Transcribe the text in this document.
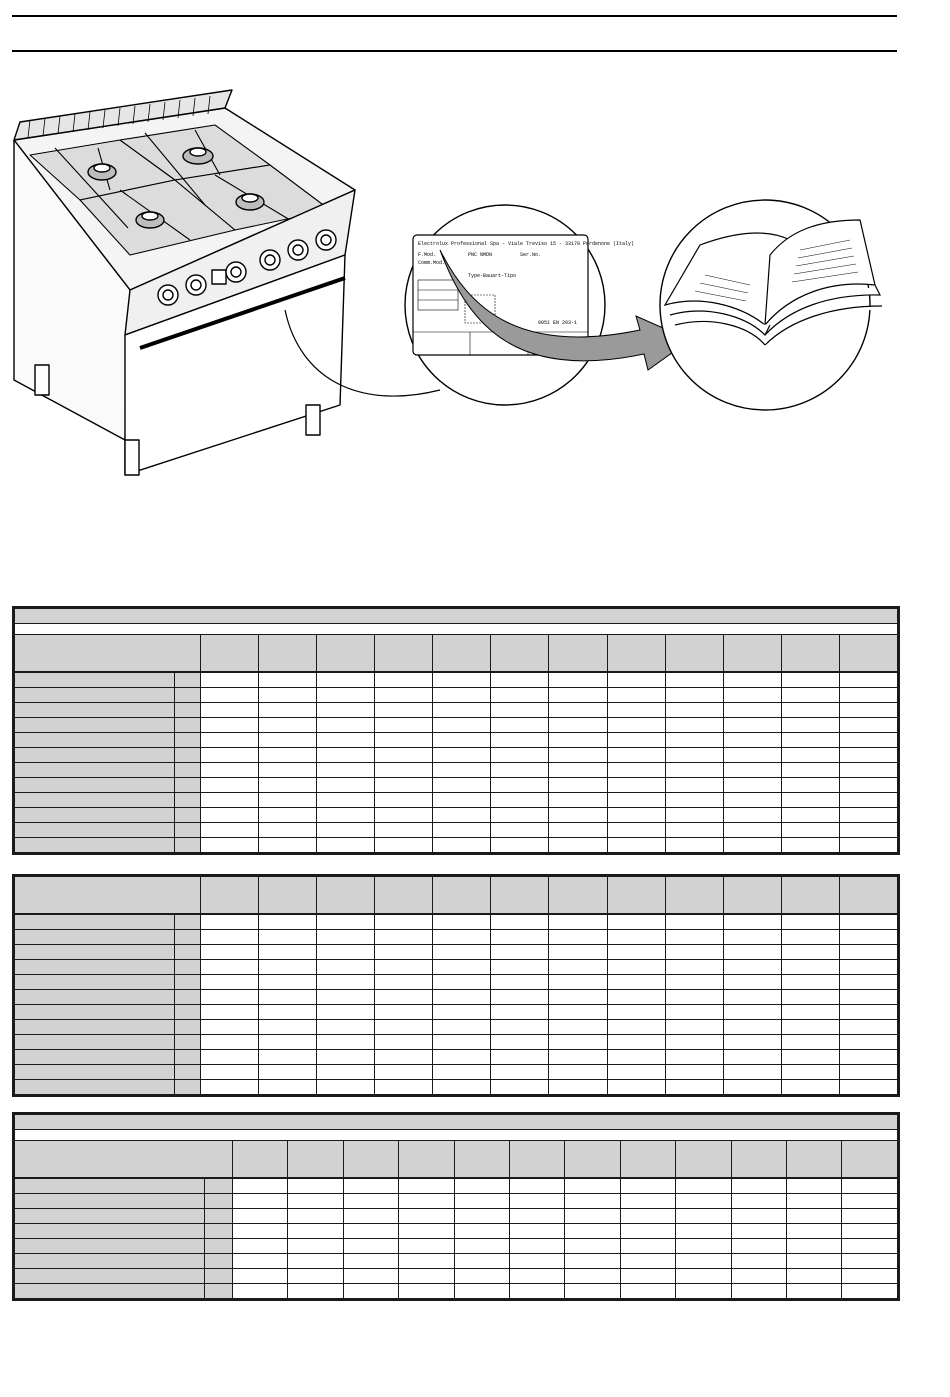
Electrolux Professional Spa - Viale Treviso 15 - 33170 Pordenone (Italy)
F.Mod.	PNC NMDN	Ser.No.
Comm.Mod.
Type-Bauart-Tipo
0051 EN 203-1
